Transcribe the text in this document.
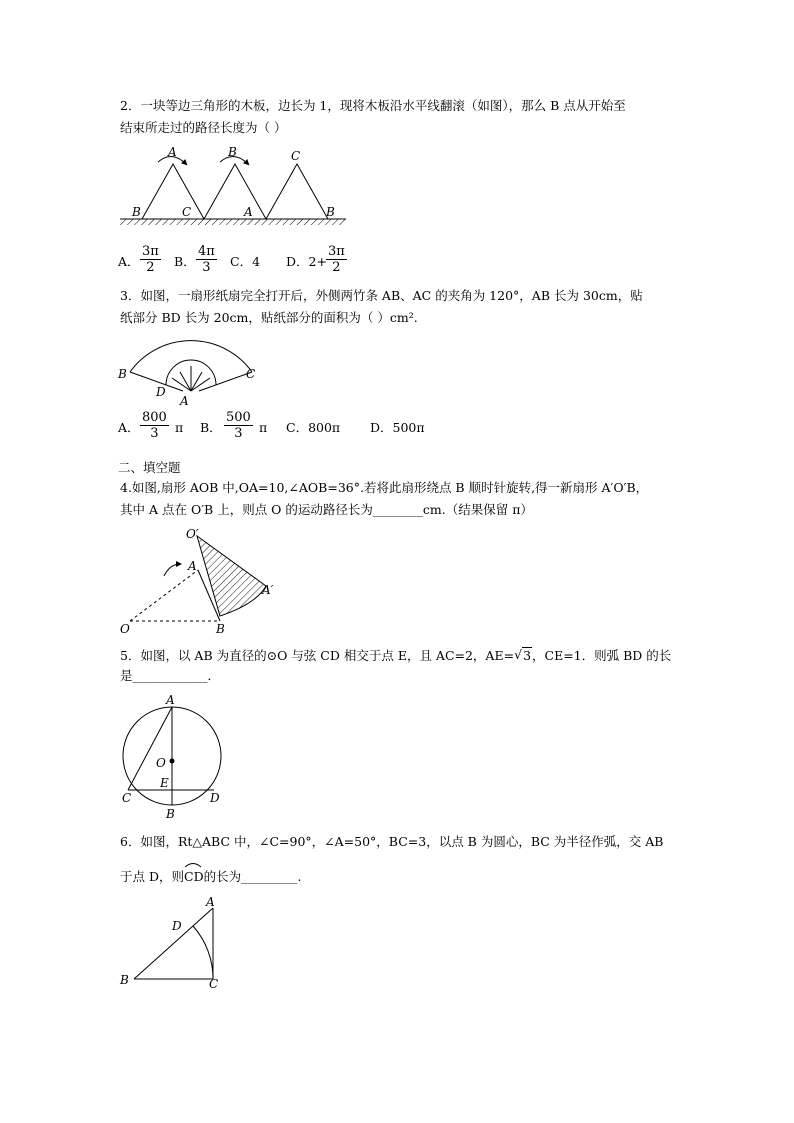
2．一块等边三角形的木板，边长为 1，现将木板沿水平线翻滚（如图），那么 B 点从开始至
结束所走过的路径长度为（ ）
A	B	C
B	C	A	B
A． $\frac{3\pi}{2}$ B． $\frac{4\pi}{3}$ C．4 D．$2+ \frac{3\pi}{2}$
3．如图，一扇形纸扇完全打开后，外侧两竹条 AB、AC 的夹角为 120°，AB 长为 30cm，贴
纸部分 BD 长为 20cm，贴纸部分的面积为（ ）cm².
B	C
D
A
A． $\frac{800}{3}$ π B． $\frac{500}{3}$ π C．800π D．500π
二、填空题
4.如图,扇形 AOB 中,OA=10,∠AOB=36°.若将此扇形绕点 B 顺时针旋转,得一新扇形 A′O′B，
其中 A 点在 O′B 上，则点 O 的运动路径长为________cm.（结果保留 π）
O′
A
A′
O	B
5．如图，以 AB 为直径的⊙O 与弦 CD 相交于点 E，且 AC=2，AE= √ 3，CE=1．则弧 BD 的长
是____________．
A
O
E
C	D
B
6．如图，Rt△ABC 中，∠C=90°，∠A=50°，BC=3，以点 B 为圆心，BC 为半径作弧，交 AB
于点 D，则
CD的长为_________.
A
D
B	C
